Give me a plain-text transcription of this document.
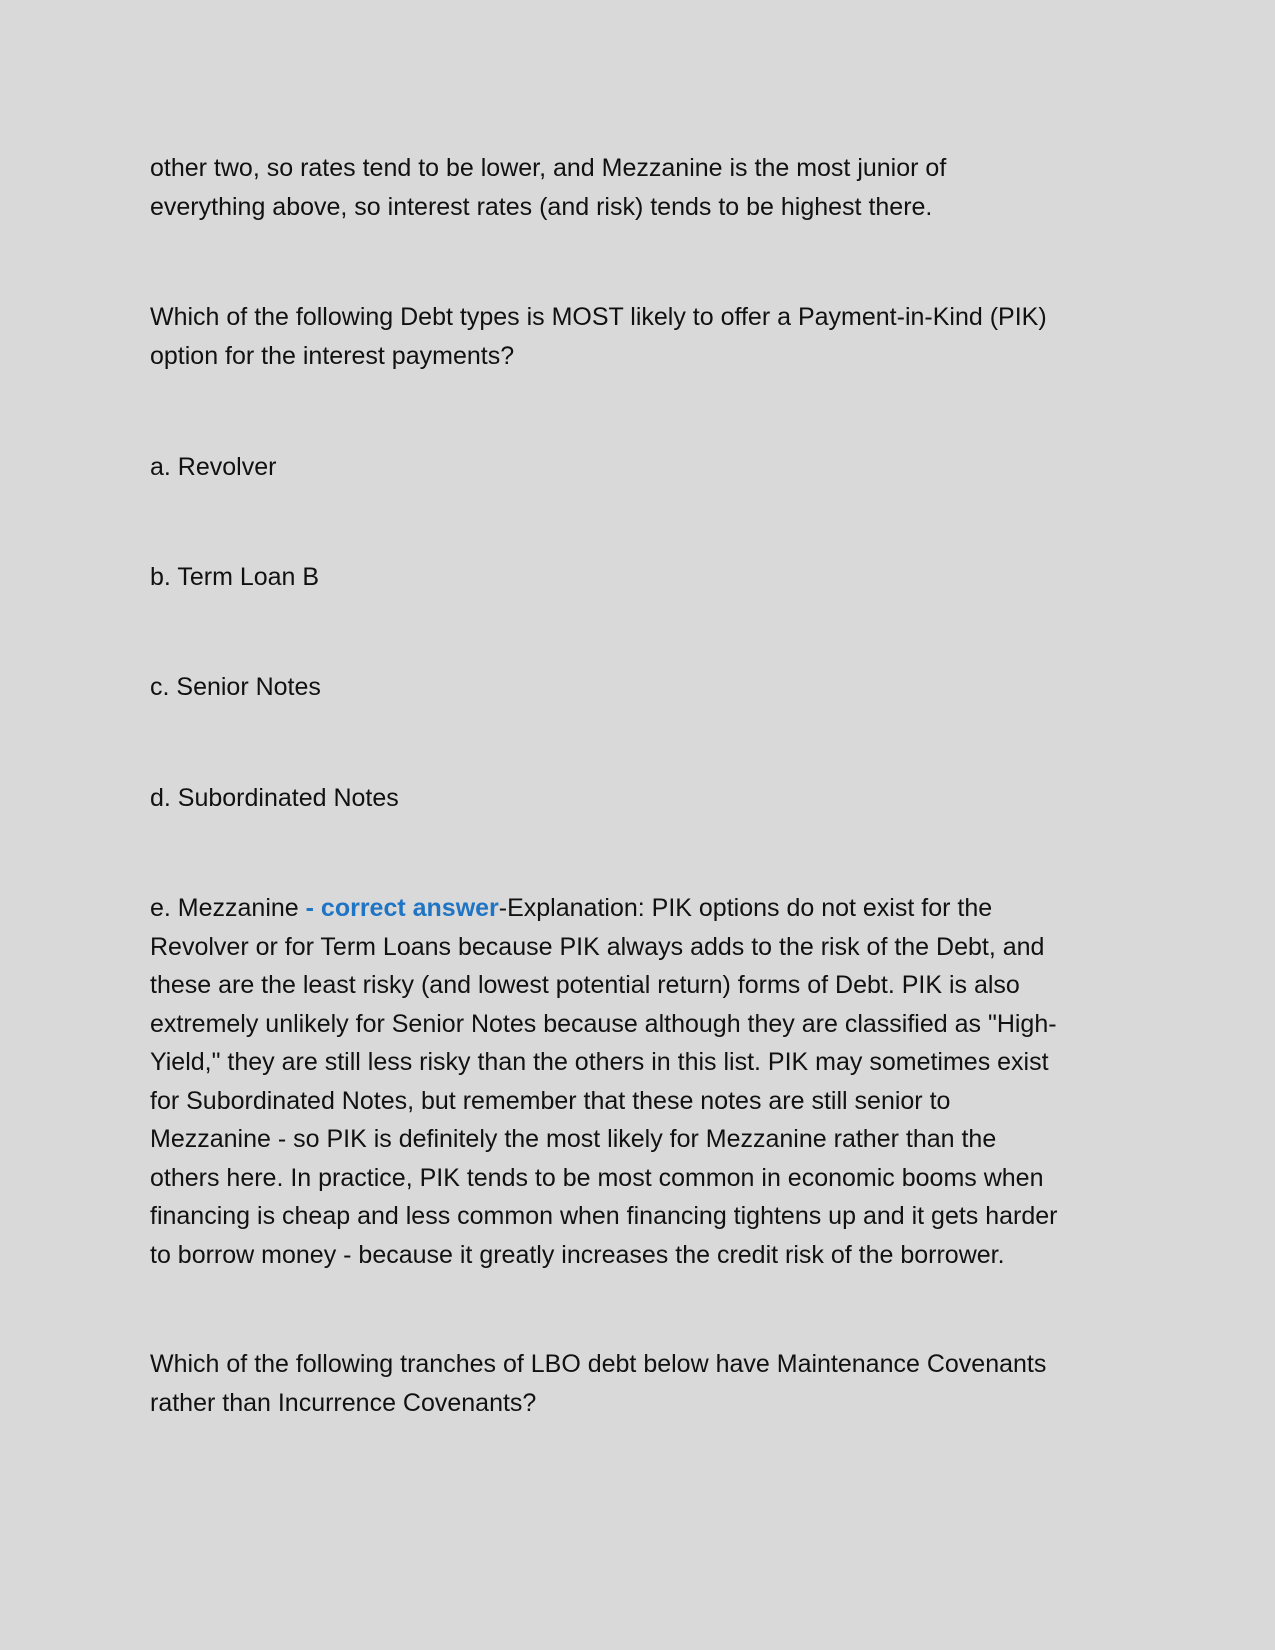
other two, so rates tend to be lower, and Mezzanine is the most junior of
everything above, so interest rates (and risk) tends to be highest there.
Which of the following Debt types is MOST likely to offer a Payment-in-Kind (PIK)
option for the interest payments?
a. Revolver
b. Term Loan B
c. Senior Notes
d. Subordinated Notes
e. Mezzanine - correct answer-Explanation: PIK options do not exist for the
Revolver or for Term Loans because PIK always adds to the risk of the Debt, and
these are the least risky (and lowest potential return) forms of Debt. PIK is also
extremely unlikely for Senior Notes because although they are classified as "High-
Yield," they are still less risky than the others in this list. PIK may sometimes exist
for Subordinated Notes, but remember that these notes are still senior to
Mezzanine - so PIK is definitely the most likely for Mezzanine rather than the
others here. In practice, PIK tends to be most common in economic booms when
financing is cheap and less common when financing tightens up and it gets harder
to borrow money - because it greatly increases the credit risk of the borrower.
Which of the following tranches of LBO debt below have Maintenance Covenants
rather than Incurrence Covenants?
